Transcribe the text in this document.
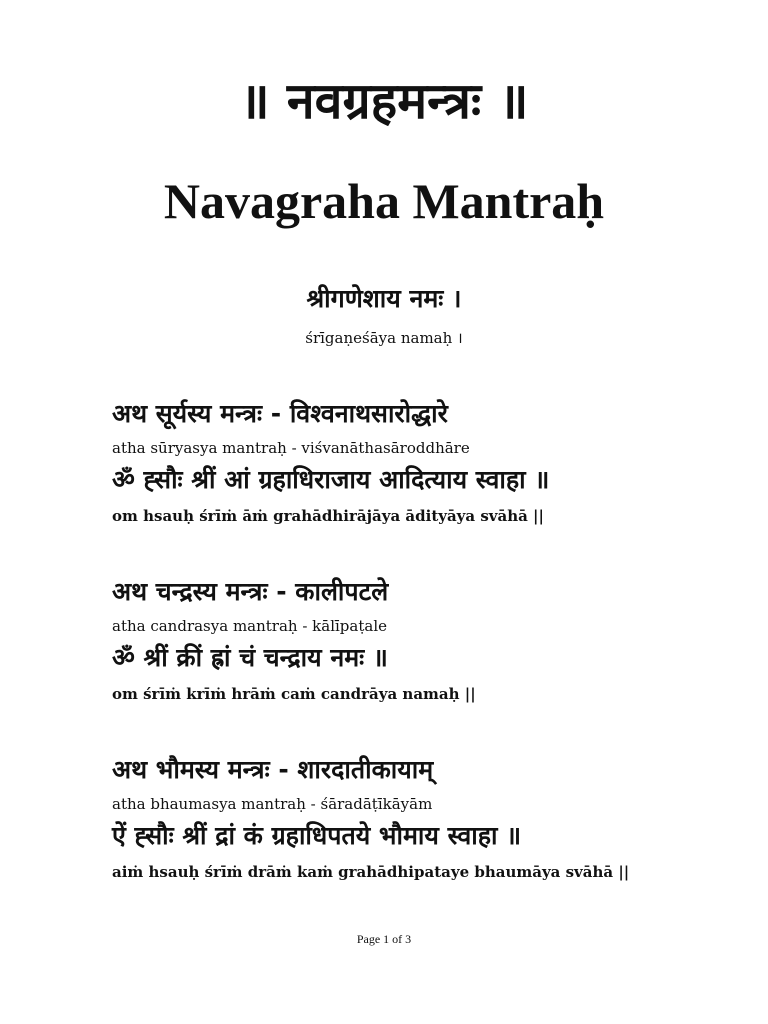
॥ नवग्रहमन्त्रः ॥
Navagraha Mantraḥ
श्रीगणेशाय नमः ।
śrīgaṇeśāya namaḥ ।
अथ सूर्यस्य मन्त्रः - विश्वनाथसारोद्धारे
atha sūryasya mantraḥ - viśvanāthasāroddhāre
ॐ ह्सौः श्रीं आं ग्रहाधिराजाय आदित्याय स्वाहा ॥
om hsauḥ śrīṁ āṁ grahādhirājāya ādityāya svāhā ||
अथ चन्द्रस्य मन्त्रः - कालीपटले
atha candrasya mantraḥ - kālīpaṭale
ॐ श्रीं क्रीं ह्रां चं चन्द्राय नमः ॥
om śrīṁ krīṁ hrāṁ caṁ candrāya namaḥ ||
अथ भौमस्य मन्त्रः - शारदातीकायाम्
atha bhaumasya mantraḥ - śāradāṭīkāyām
ऐं ह्सौः श्रीं द्रां कं ग्रहाधिपतये भौमाय स्वाहा ॥
aiṁ hsauḥ śrīṁ drāṁ kaṁ grahādhipataye bhaumāya svāhā ||
Page 1 of 3
